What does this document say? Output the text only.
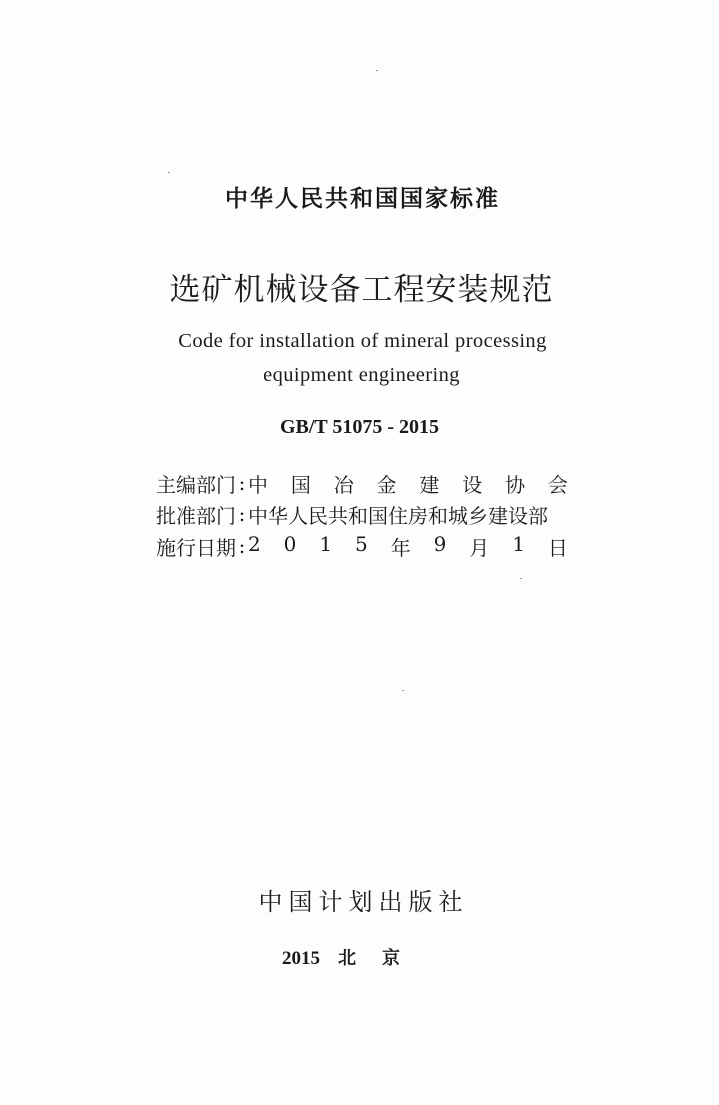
中华人民共和国国家标准
选矿机械设备工程安装规范
Code for installation of mineral processing
equipment engineering
GB/T 51075 - 2015
主编部门 : 中 国 冶 金 建 设 协 会
批准部门 : 中华人民共和国住房和城乡建设部
施行日期 : 2 0 1 5 年 9 月 1 日
中国计划出版社
2015 北京
